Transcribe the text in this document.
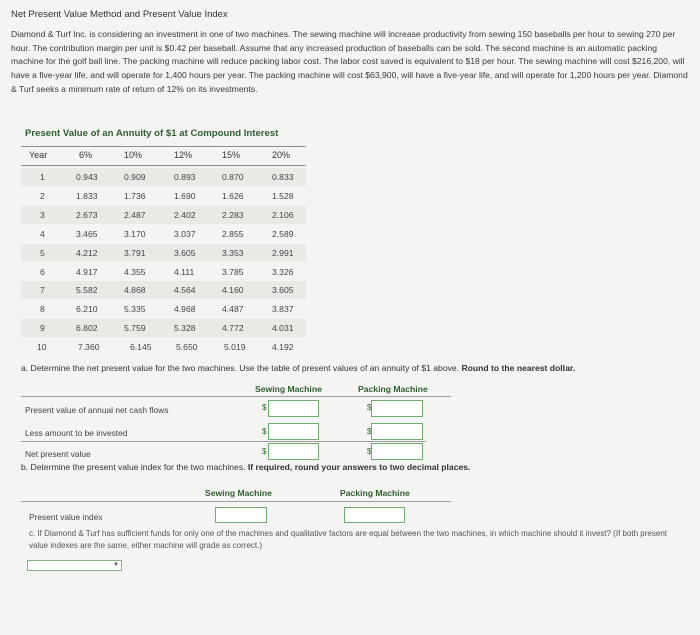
Net Present Value Method and Present Value Index
Diamond & Turf Inc. is considering an investment in one of two machines. The sewing machine will increase productivity from sewing 150 baseballs per hour to sewing 270 per hour. The contribution margin per unit is $0.42 per baseball. Assume that any increased production of baseballs can be sold. The second machine is an automatic packing machine for the golf ball line. The packing machine will reduce packing labor cost. The labor cost saved is equivalent to $18 per hour. The sewing machine will cost $216,200, will have a five-year life, and will operate for 1,400 hours per year. The packing machine will cost $63,900, will have a five-year life, and will operate for 1,200 hours per year. Diamond & Turf seeks a minimum rate of return of 12% on its investments.
Present Value of an Annuity of $1 at Compound Interest
Year	6%	10%	12%	15%	20%
1	0.943	0.909	0.893	0.870	0.833
2	1.833	1.736	1.690	1.626	1.528
3	2.673	2.487	2.402	2.283	2.106
4	3.465	3.170	3.037	2.855	2.589
5	4.212	3.791	3.605	3.353	2.991
6	4.917	4.355	4.111	3.785	3.326
7	5.582	4.868	4.564	4.160	3.605
8	6.210	5.335	4.968	4.487	3.837
9	6.802	5.759	5.328	4.772	4.031
10	7.360	6.145	5.650	5.019	4.192
a. Determine the net present value for the two machines. Use the table of present values of an annuity of $1 above. Round to the nearest dollar.
Sewing Machine	Packing Machine
Present value of annual net cash flows	$	$
Less amount to be invested	$	$
Net present value	$	$
b. Determine the present value index for the two machines. If required, round your answers to two decimal places.
Sewing Machine	Packing Machine
Present value index
c. If Diamond & Turf has sufficient funds for only one of the machines and qualitative factors are equal between the two machines, in which machine should it invest? (If both present value indexes are the same, either machine will grade as correct.)
▼
